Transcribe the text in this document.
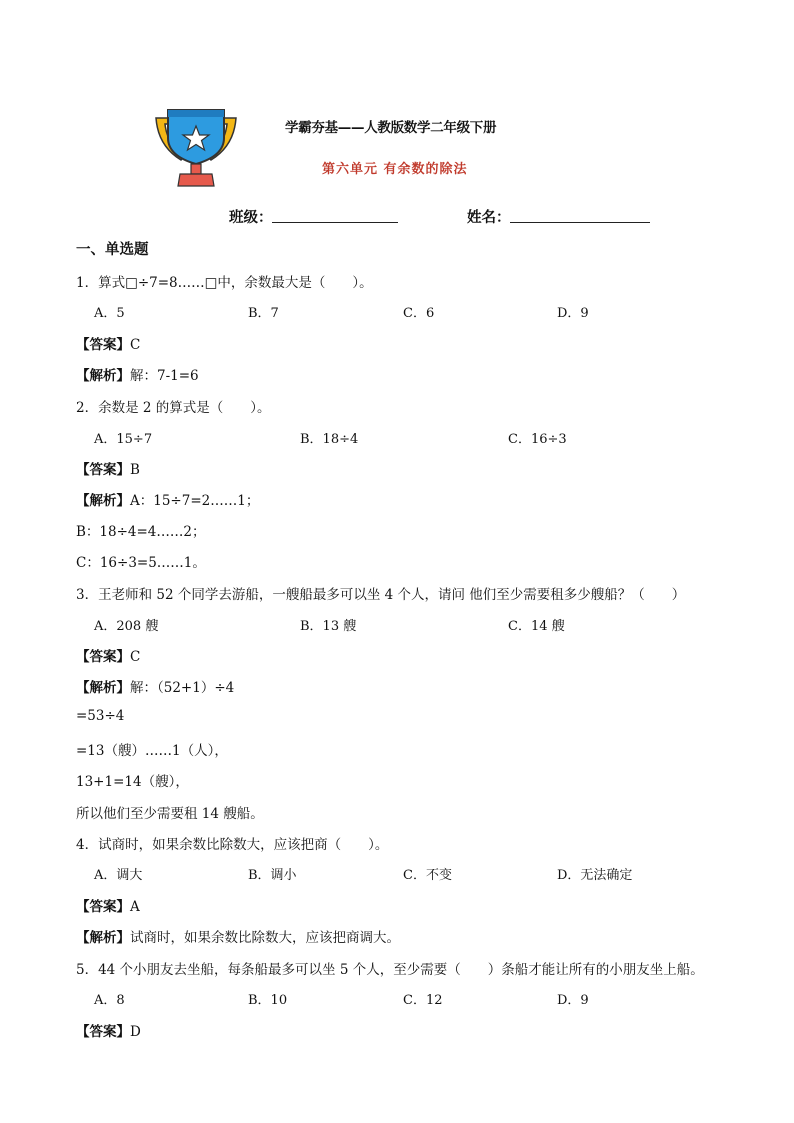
学霸夯基——人教版数学二年级下册
第六单元 有余数的除法
班级：	姓名：
一、单选题
1．算式□÷7=8……□中，余数最大是（　　）。
A．5	B．7	C．6	D．9
【答案】C
【解析】解：7-1=6
2．余数是 2 的算式是（　　）。
A．15÷7	B．18÷4	C．16÷3
【答案】B
【解析】A：15÷7=2……1；
B：18÷4=4……2；
C：16÷3=5……1。
3．王老师和 52 个同学去游船，一艘船最多可以坐 4 个人，请问 他们至少需要租多少艘船？（　　）
A．208 艘	B．13 艘	C．14 艘
【答案】C
【解析】解：（52+1）÷4
=53÷4
=13（艘）……1（人），
13+1=14（艘），
所以他们至少需要租 14 艘船。
4．试商时，如果余数比除数大，应该把商（　　）。
A．调大	B．调小	C．不变	D．无法确定
【答案】A
【解析】试商时，如果余数比除数大，应该把商调大。
5．44 个小朋友去坐船，每条船最多可以坐 5 个人，至少需要（　　）条船才能让所有的小朋友坐上船。
A．8	B．10	C．12	D．9
【答案】D
